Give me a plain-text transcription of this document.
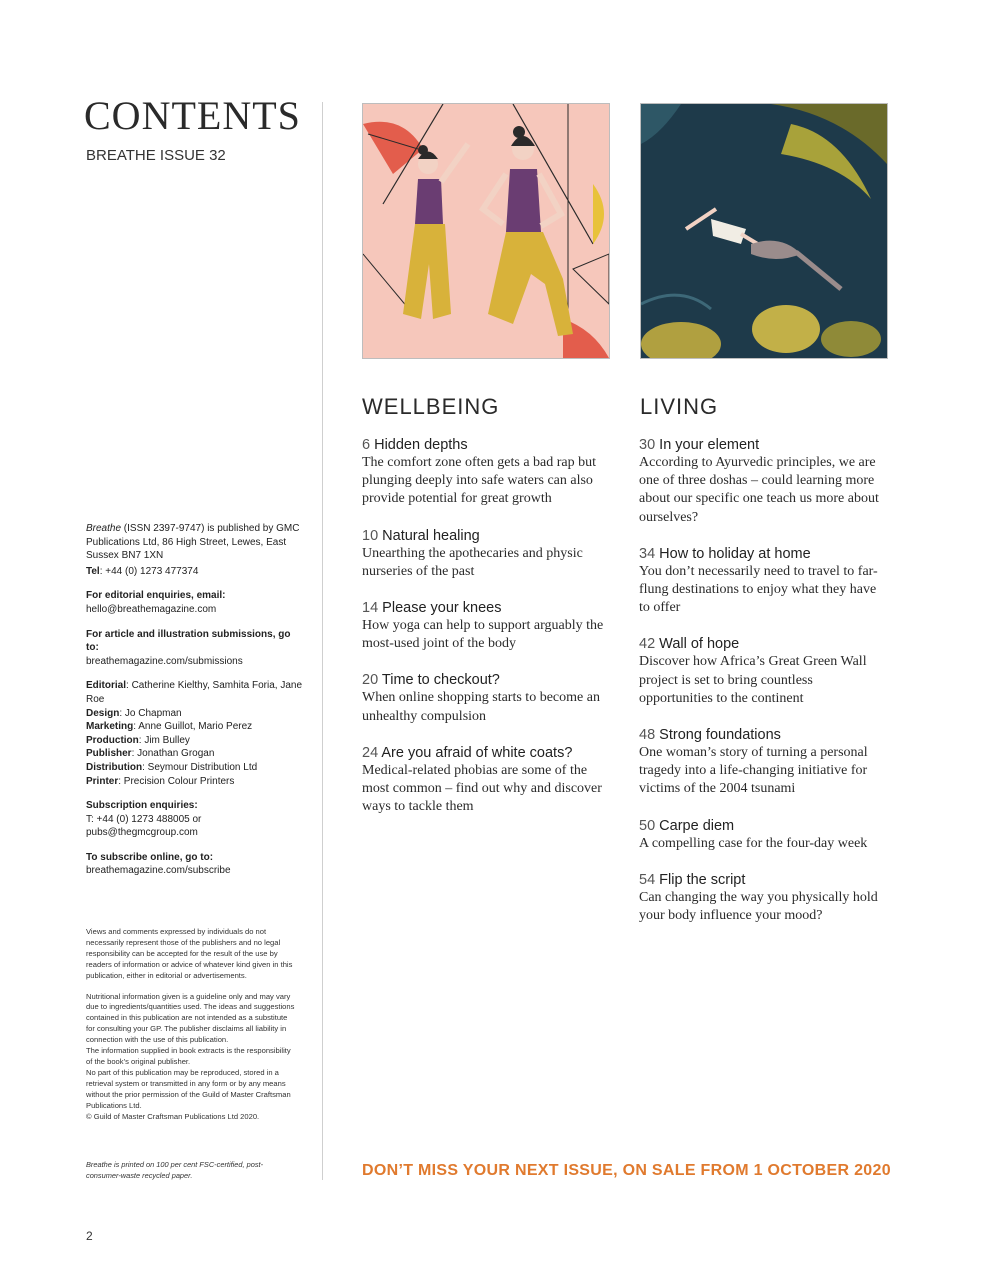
CONTENTS
BREATHE ISSUE 32

Breathe (ISSN 2397-9747) is published by GMC Publications Ltd, 86 High Street, Lewes, East Sussex BN7 1XN

Tel: +44 (0) 1273 477374

For editorial enquiries, email:
hello@breathemagazine.com

For article and illustration submissions, go to:
breathemagazine.com/submissions

Editorial: Catherine Kielthy, Samhita Foria, Jane Roe
Design: Jo Chapman
Marketing: Anne Guillot, Mario Perez
Production: Jim Bulley
Publisher: Jonathan Grogan
Distribution: Seymour Distribution Ltd
Printer: Precision Colour Printers

Subscription enquiries:
T: +44 (0) 1273 488005 or pubs@thegmcgroup.com

To subscribe online, go to:
breathemagazine.com/subscribe

Views and comments expressed by individuals do not necessarily represent those of the publishers and no legal responsibility can be accepted for the result of the use by readers of information or advice of whatever kind given in this publication, either in editorial or advertisements.

Nutritional information given is a guideline only and may vary due to ingredients/quantities used. The ideas and suggestions contained in this publication are not intended as a substitute for consulting your GP. The publisher disclaims all liability in connection with the use of this publication.

The information supplied in book extracts is the responsibility of the book’s original publisher.

No part of this publication may be reproduced, stored in a retrieval system or transmitted in any form or by any means without the prior permission of the Guild of Master Craftsman Publications Ltd.

© Guild of Master Craftsman Publications Ltd 2020.

Breathe is printed on 100 per cent FSC-certified, post-consumer-waste recycled paper.
2
WELLBEING	LIVING
6 Hidden depths
The comfort zone often gets a bad rap but plunging deeply into safe waters can also provide potential for great growth
10 Natural healing
Unearthing the apothecaries and physic nurseries of the past
14 Please your knees
How yoga can help to support arguably the most-used joint of the body
20 Time to checkout?
When online shopping starts to become an unhealthy compulsion
24 Are you afraid of white coats?
Medical-related phobias are some of the most common – find out why and discover ways to tackle them
30 In your element
According to Ayurvedic principles, we are one of three doshas – could learning more about our specific one teach us more about ourselves?
34 How to holiday at home
You don’t necessarily need to travel to far-flung destinations to enjoy what they have to offer
42 Wall of hope
Discover how Africa’s Great Green Wall project is set to bring countless opportunities to the continent
48 Strong foundations
One woman’s story of turning a personal tragedy into a life-changing initiative for victims of the 2004 tsunami
50 Carpe diem
A compelling case for the four-day week
54 Flip the script
Can changing the way you physically hold your body influence your mood?
DON’T MISS YOUR NEXT ISSUE, ON SALE FROM 1 OCTOBER 2020
